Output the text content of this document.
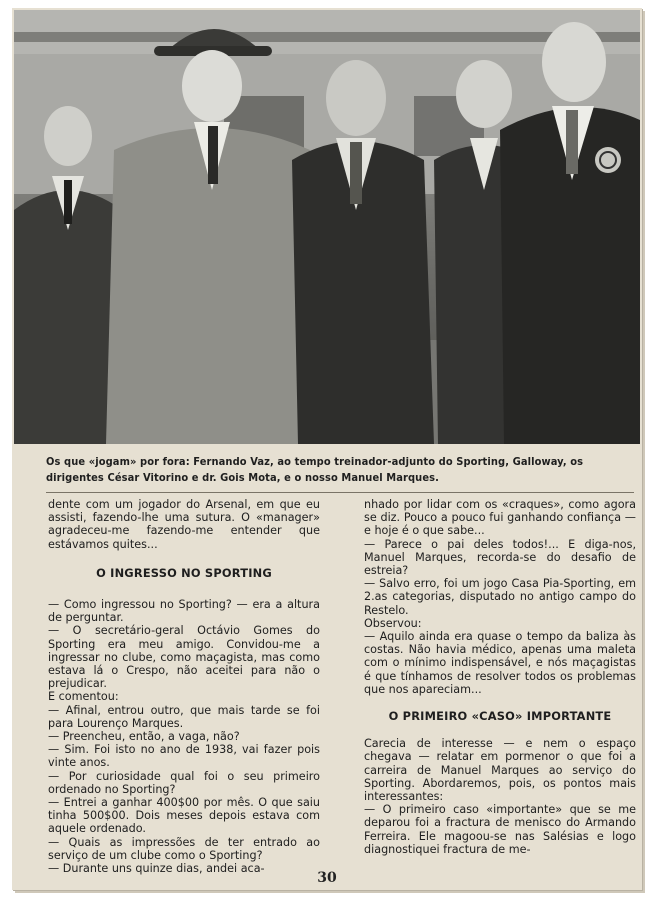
Os que «jogam» por fora: Fernando Vaz, ao tempo treinador-adjunto do Sporting, Galloway, os dirigentes César Vitorino e dr. Gois Mota, e o nosso Manuel Marques.

dente com um jogador do Arsenal, em que eu assisti, fazendo-lhe uma sutura. O «manager» agradeceu-me fazendo-me entender que estávamos quites...

O INGRESSO NO SPORTING

— Como ingressou no Sporting? — era a altura de perguntar.

— O secretário-geral Octávio Gomes do Sporting era meu amigo. Convidou-me a ingressar no clube, como maçagista, mas como estava lá o Crespo, não aceitei para não o prejudicar.

E comentou:

— Afinal, entrou outro, que mais tarde se foi para Lourenço Marques.

— Preencheu, então, a vaga, não?

— Sim. Foi isto no ano de 1938, vai fazer pois vinte anos.

— Por curiosidade qual foi o seu primeiro ordenado no Sporting?

— Entrei a ganhar 400$00 por mês. O que saiu tinha 500$00. Dois meses depois estava com aquele ordenado.

— Quais as impressões de ter entrado ao serviço de um clube como o Sporting?

— Durante uns quinze dias, andei aca-

nhado por lidar com os «craques», como agora se diz. Pouco a pouco fui ganhando confiança — e hoje é o que sabe...

— Parece o pai deles todos!... E diga-nos, Manuel Marques, recorda-se do desafio de estreia?

— Salvo erro, foi um jogo Casa Pia-Sporting, em 2.as categorias, disputado no antigo campo do Restelo.

Observou:

— Aquilo ainda era quase o tempo da baliza às costas. Não havia médico, apenas uma maleta com o mínimo indispensável, e nós maçagistas é que tínhamos de resolver todos os problemas que nos apareciam...

O PRIMEIRO «CASO» IMPORTANTE

Carecia de interesse — e nem o espaço chegava — relatar em pormenor o que foi a carreira de Manuel Marques ao serviço do Sporting. Abordaremos, pois, os pontos mais interessantes:

— O primeiro caso «importante» que se me deparou foi a fractura de menisco do Armando Ferreira. Ele magoou-se nas Salésias e logo diagnostiquei fractura de me-

30
